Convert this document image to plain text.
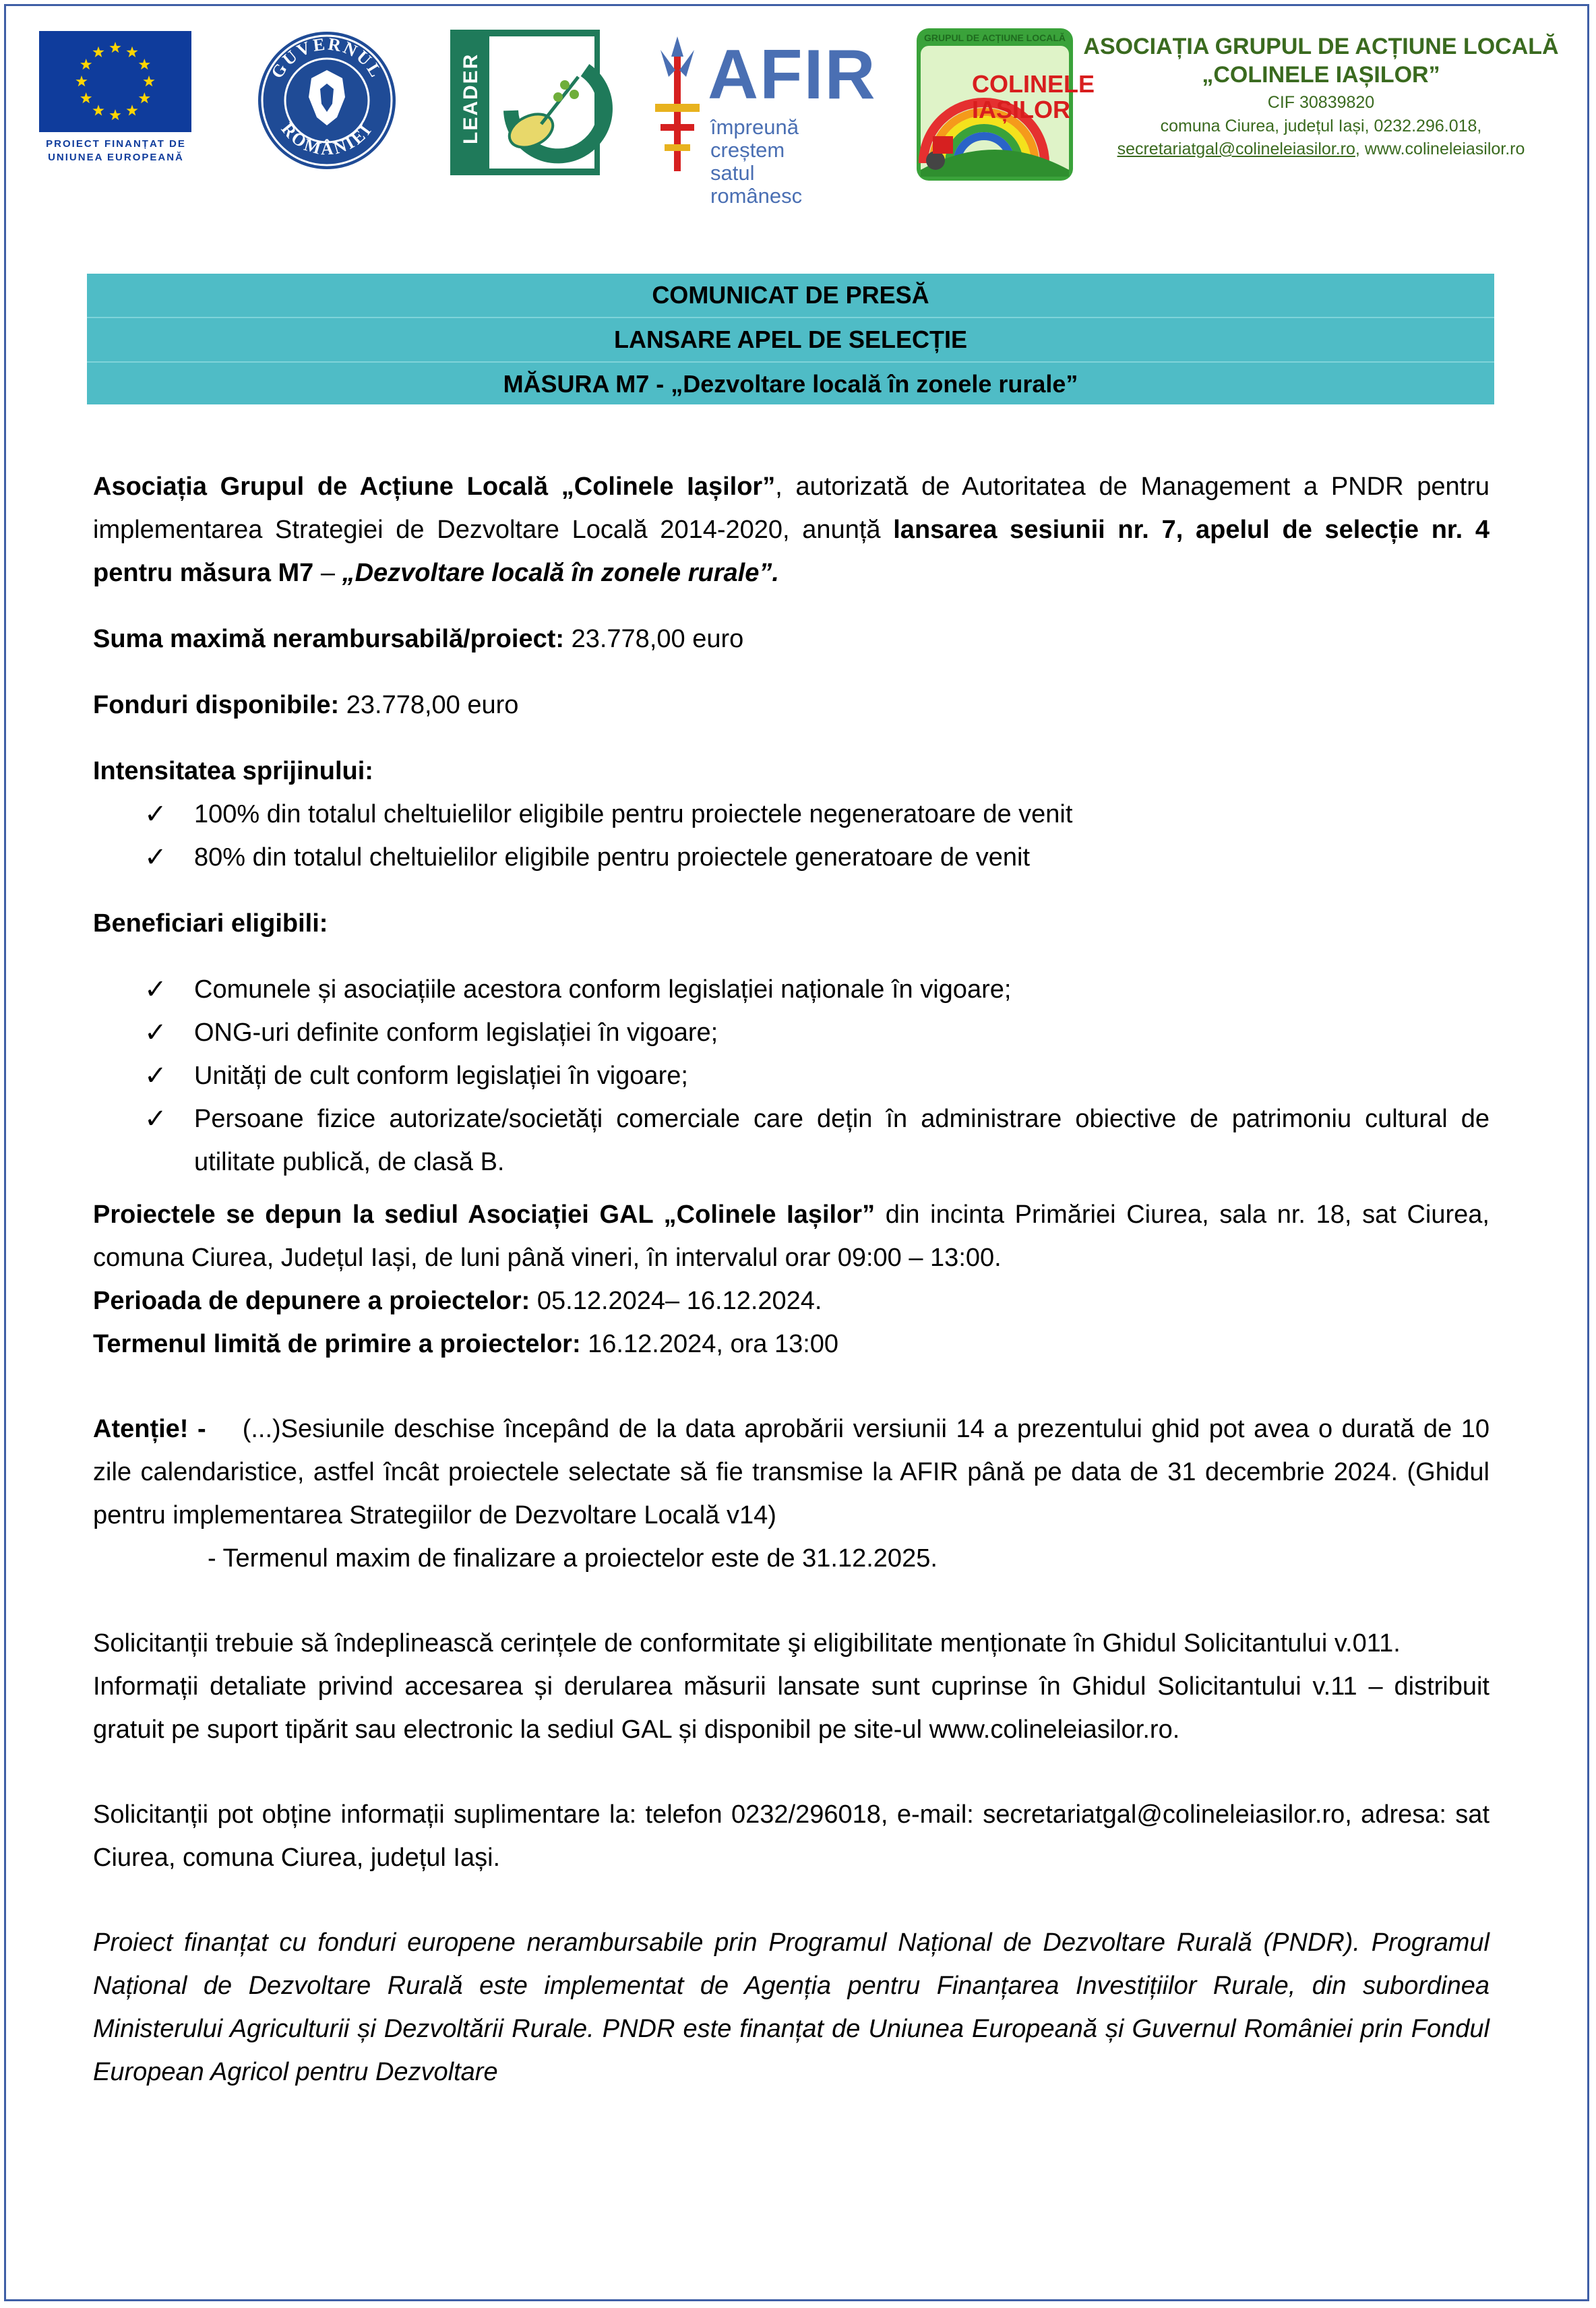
PROIECT FINANȚAT DE
UNIUNEA EUROPEANĂ
GUVERNUL
ROMÂNIEI	LEADER	AFIR
împreună creștem
satul românesc
GRUPUL DE ACȚIUNE LOCALĂ
COLINELE
IAȘILOR
ASOCIAȚIA GRUPUL DE ACȚIUNE LOCALĂ
„COLINELE IAȘILOR”
CIF 30839820
comuna Ciurea, județul Iași, 0232.296.018,
secretariatgal@colineleiasilor.ro, www.colineleiasilor.ro
COMUNICAT DE PRESĂ
LANSARE APEL DE SELECȚIE
MĂSURA M7 - „Dezvoltare locală în zonele rurale”

Asociația Grupul de Acțiune Locală „Colinele Iașilor”, autorizată de Autoritatea de Management a PNDR pentru implementarea Strategiei de Dezvoltare Locală 2014-2020, anunță lansarea sesiunii nr. 7, apelul de selecție nr. 4 pentru măsura M7 – „Dezvoltare locală în zonele rurale”.

Suma maximă nerambursabilă/proiect: 23.778,00 euro

Fonduri disponibile: 23.778,00 euro

Intensitatea sprijinului:

✓ 100% din totalul cheltuielilor eligibile pentru proiectele negeneratoare de venit
✓ 80% din totalul cheltuielilor eligibile pentru proiectele generatoare de venit

Beneficiari eligibili:

✓ Comunele și asociațiile acestora conform legislației naționale în vigoare;
✓ ONG-uri definite conform legislației în vigoare;
✓ Unități de cult conform legislației în vigoare;
✓ Persoane fizice autorizate/societăți comerciale care dețin în administrare obiective de patrimoniu cultural de utilitate publică, de clasă B.

Proiectele se depun la sediul Asociației GAL „Colinele Iașilor” din incinta Primăriei Ciurea, sala nr. 18, sat Ciurea, comuna Ciurea, Județul Iași, de luni până vineri, în intervalul orar 09:00 – 13:00.

Perioada de depunere a proiectelor: 05.12.2024– 16.12.2024.

Termenul limită de primire a proiectelor: 16.12.2024, ora 13:00

Atenție! -    (...)Sesiunile deschise începând de la data aprobării versiunii 14 a prezentului ghid pot avea o durată de 10 zile calendaristice, astfel încât proiectele selectate să fie transmise la AFIR până pe data de 31 decembrie 2024. (Ghidul pentru implementarea Strategiilor de Dezvoltare Locală v14)

- Termenul maxim de finalizare a proiectelor este de 31.12.2025.

Solicitanții trebuie să îndeplinească cerințele de conformitate şi eligibilitate menționate în Ghidul Solicitantului v.011.

Informații detaliate privind accesarea și derularea măsurii lansate sunt cuprinse în Ghidul Solicitantului v.11 – distribuit gratuit pe suport tipărit sau electronic la sediul GAL și disponibil pe site-ul www.colineleiasilor.ro.

Solicitanții pot obține informații suplimentare la: telefon 0232/296018, e-mail: secretariatgal@colineleiasilor.ro, adresa: sat Ciurea, comuna Ciurea, județul Iași.

Proiect finanțat cu fonduri europene nerambursabile prin Programul Național de Dezvoltare Rurală (PNDR). Programul Național de Dezvoltare Rurală este implementat de Agenția pentru Finanțarea Investițiilor Rurale, din subordinea Ministerului Agriculturii și Dezvoltării Rurale. PNDR este finanțat de Uniunea Europeană și Guvernul României prin Fondul European Agricol pentru Dezvoltare
